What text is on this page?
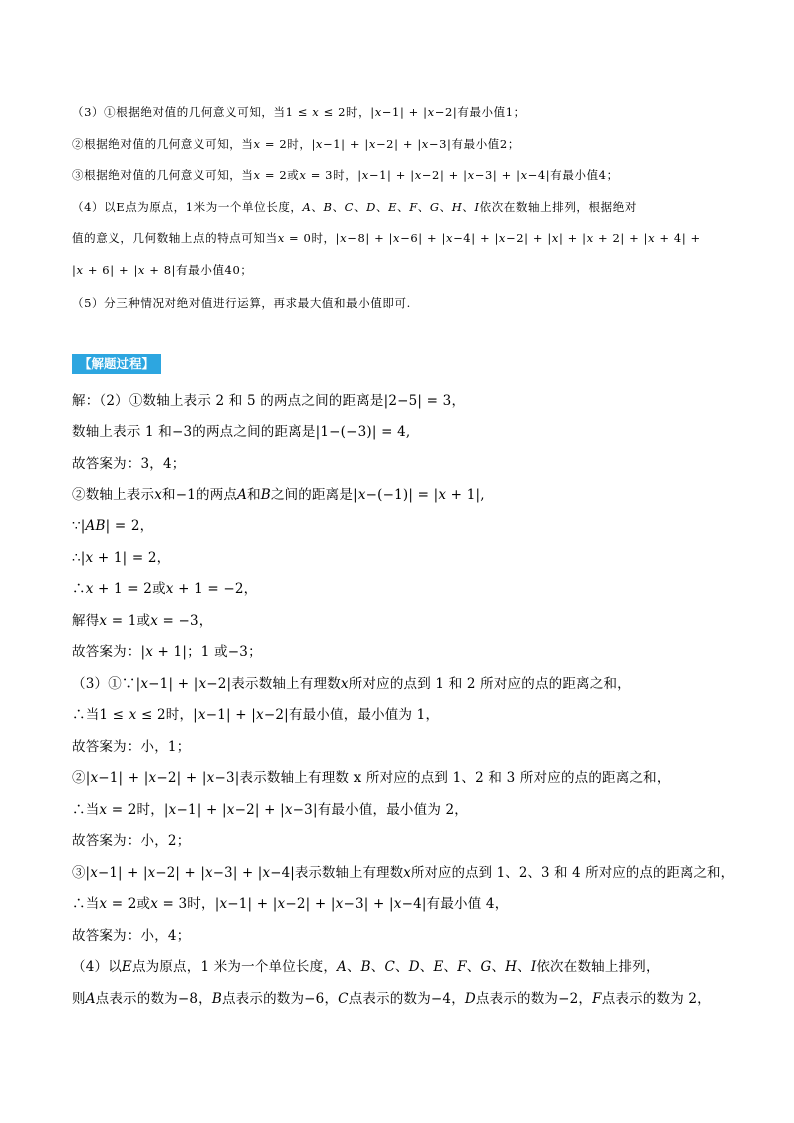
（3）①根据绝对值的几何意义可知，当1 ≤ 𝑥 ≤ 2时，|𝑥−1| + |𝑥−2|有最小值1；
②根据绝对值的几何意义可知，当𝑥 = 2时，|𝑥−1| + |𝑥−2| + |𝑥−3|有最小值2；
③根据绝对值的几何意义可知，当𝑥 = 2或𝑥 = 3时，|𝑥−1| + |𝑥−2| + |𝑥−3| + |𝑥−4|有最小值4；
（4）以E点为原点，1米为一个单位长度，𝐴、𝐵、𝐶、𝐷、𝐸、𝐹、𝐺、𝐻、𝐼依次在数轴上排列，根据绝对
值的意义，几何数轴上点的特点可知当𝑥 = 0时，|𝑥−8| + |𝑥−6| + |𝑥−4| + |𝑥−2| + |𝑥| + |𝑥 + 2| + |𝑥 + 4| +
|𝑥 + 6| + |𝑥 + 8|有最小值40；
（5）分三种情况对绝对值进行运算，再求最大值和最小值即可.
【解题过程】
解：（2）①数轴上表示 2 和 5 的两点之间的距离是|2−5| = 3，
数轴上表示 1 和−3的两点之间的距离是|1−(−3)| = 4,
故答案为：3，4；
②数轴上表示𝑥和−1的两点𝐴和𝐵之间的距离是|𝑥−(−1)| = |𝑥 + 1|,
∵|𝐴𝐵| = 2，
∴|𝑥 + 1| = 2，
∴𝑥 + 1 = 2或𝑥 + 1 = −2，
解得𝑥 = 1或𝑥 = −3，
故答案为：|𝑥 + 1|；1 或−3；
（3）①∵|𝑥−1| + |𝑥−2|表示数轴上有理数𝑥所对应的点到 1 和 2 所对应的点的距离之和，
∴当1 ≤ 𝑥 ≤ 2时，|𝑥−1| + |𝑥−2|有最小值，最小值为 1，
故答案为：小，1；
②|𝑥−1| + |𝑥−2| + |𝑥−3|表示数轴上有理数 x 所对应的点到 1、2 和 3 所对应的点的距离之和，
∴当𝑥 = 2时，|𝑥−1| + |𝑥−2| + |𝑥−3|有最小值，最小值为 2，
故答案为：小，2；
③|𝑥−1| + |𝑥−2| + |𝑥−3| + |𝑥−4|表示数轴上有理数𝑥所对应的点到 1、2、3 和 4 所对应的点的距离之和，
∴当𝑥 = 2或𝑥 = 3时，|𝑥−1| + |𝑥−2| + |𝑥−3| + |𝑥−4|有最小值 4，
故答案为：小，4；
（4）以𝐸点为原点，1 米为一个单位长度，𝐴、𝐵、𝐶、𝐷、𝐸、𝐹、𝐺、𝐻、𝐼依次在数轴上排列，
则𝐴点表示的数为−8，𝐵点表示的数为−6，𝐶点表示的数为−4，𝐷点表示的数为−2，𝐹点表示的数为 2，
